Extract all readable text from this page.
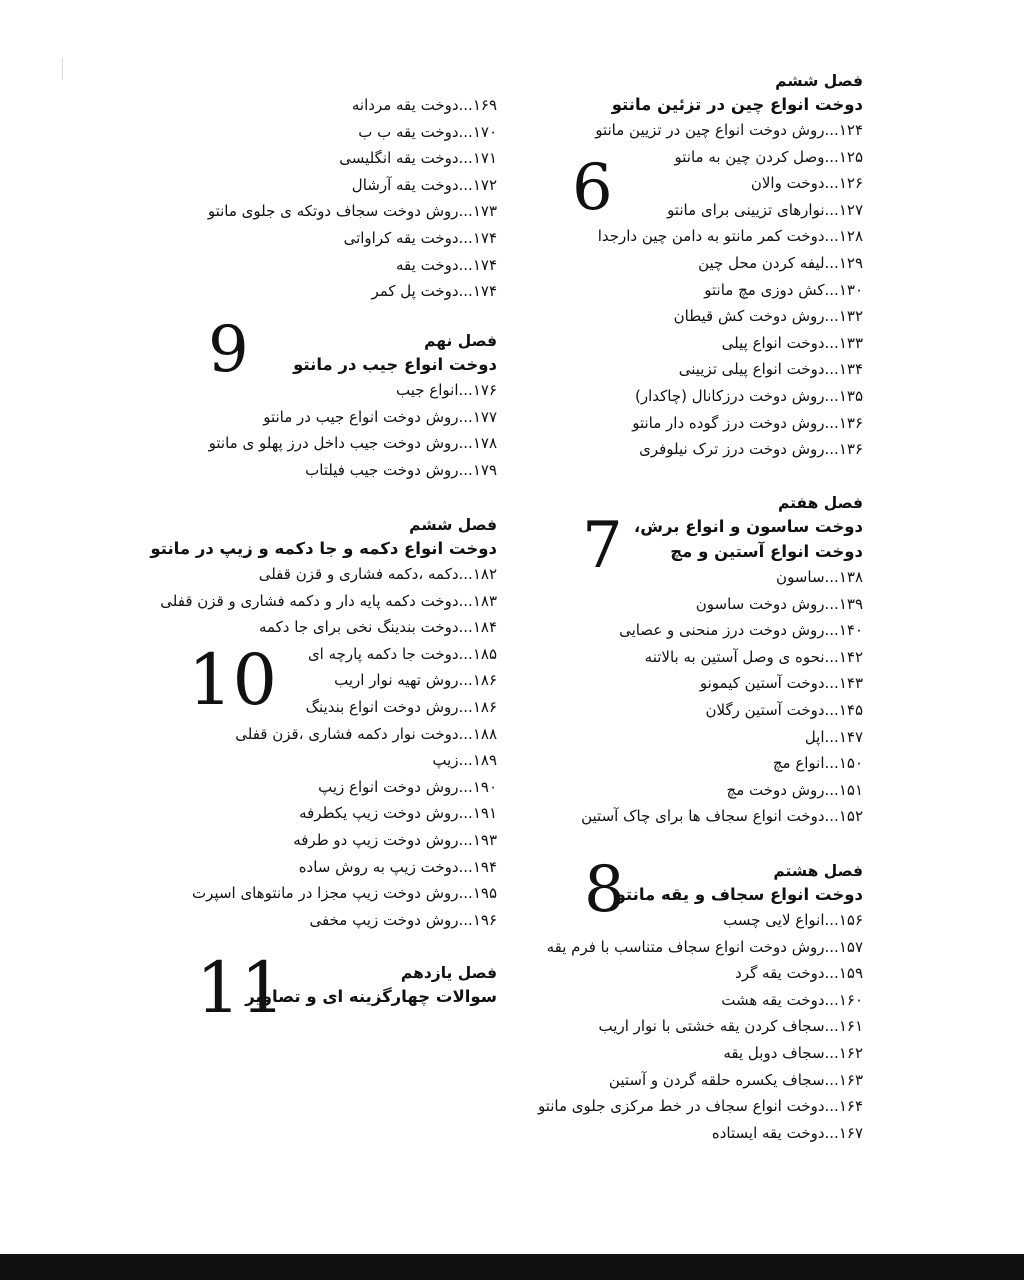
فصل ششم
دوخت انواع چین در تزئین مانتو
۱۲۴...روش دوخت انواع چین در تزیین مانتو
۱۲۵...وصل کردن چین به مانتو
۱۲۶...دوخت والان
۱۲۷...نوارهای تزیینی برای مانتو
۱۲۸...دوخت کمر مانتو به دامن چین دارجدا
۱۲۹...لیفه کردن محل چین
۱۳۰...کش دوزی مچ مانتو
۱۳۲...روش دوخت کش قیطان
۱۳۳...دوخت انواع پیلی
۱۳۴...دوخت انواع پیلی تزیینی
۱۳۵...روش دوخت درزکانال (چاکدار)
۱۳۶...روش دوخت درز گوده دار مانتو
۱۳۶...روش دوخت درز ترک نیلوفری
6
فصل هفتم
دوخت ساسون و انواع برش،
دوخت انواع آستین و مچ
۱۳۸...ساسون
۱۳۹...روش دوخت ساسون
۱۴۰...روش دوخت درز منحنی و عصایی
۱۴۲...نحوه ی وصل آستین به بالاتنه
۱۴۳...دوخت آستین کیمونو
۱۴۵...دوخت آستین رگلان
۱۴۷...اپل
۱۵۰...انواع مچ
۱۵۱...روش دوخت مچ
۱۵۲...دوخت انواع سجاف ها برای چاک آستین
7
فصل هشتم
دوخت انواع سجاف و یقه مانتو
۱۵۶...انواع لایی چسب
۱۵۷...روش دوخت انواع سجاف متناسب با فرم یقه
۱۵۹...دوخت یقه گرد
۱۶۰...دوخت یقه هشت
۱۶۱...سجاف کردن یقه خشتی با نوار اریب
۱۶۲...سجاف دوبل یقه
۱۶۳...سجاف یکسره حلقه گردن و آستین
۱۶۴...دوخت انواع سجاف در خط مرکزی جلوی مانتو
۱۶۷...دوخت یقه ایستاده
8
۱۶۹...دوخت یقه مردانه
۱۷۰...دوخت یقه ب ب
۱۷۱...دوخت یقه انگلیسی
۱۷۲...دوخت یقه آرشال
۱۷۳...روش دوخت سجاف دوتکه ی جلوی مانتو
۱۷۴...دوخت یقه کراواتی
۱۷۴...دوخت یقه
۱۷۴...دوخت پل کمر
فصل نهم
دوخت انواع جیب در مانتو
۱۷۶...انواع جیب
۱۷۷...روش دوخت انواع جیب در مانتو
۱۷۸...روش دوخت جیب داخل درز پهلو ی مانتو
۱۷۹...روش دوخت جیب فیلتاب
9
فصل ششم
دوخت انواع دکمه و جا دکمه و زیپ در مانتو
۱۸۲...دکمه ،دکمه فشاری و قزن قفلی
۱۸۳...دوخت دکمه پایه دار و دکمه فشاری و قزن قفلی
۱۸۴...دوخت بندینگ نخی برای جا دکمه
۱۸۵...دوخت جا دکمه پارچه ای
۱۸۶...روش تهیه نوار اریب
۱۸۶...روش دوخت انواع بندینگ
۱۸۸...دوخت نوار دکمه فشاری ،قزن قفلی
۱۸۹...زیپ
۱۹۰...روش دوخت انواع زیپ
۱۹۱...روش دوخت زیپ یکطرفه
۱۹۳...روش دوخت زیپ دو طرفه
۱۹۴...دوخت زیپ به روش ساده
۱۹۵...روش دوخت زیپ مجزا در مانتوهای اسپرت
۱۹۶...روش دوخت زیپ مخفی
10
فصل یازدهم
سوالات چهارگزینه ای و تصاویر
11
